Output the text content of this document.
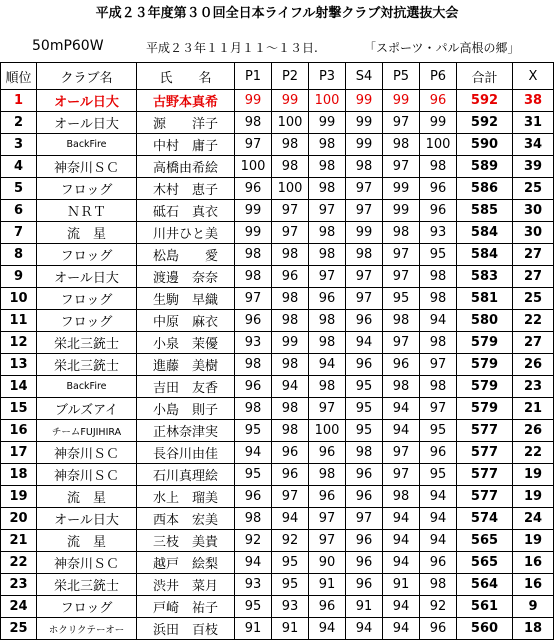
平成２３年度第３０回全日本ライフル射撃クラブ対抗選抜大会
50mP60W	平成２３年１１月１１～１３日.	「スポーツ・パル高根の郷」
順位	クラブ名	氏　　名	P1	P2	P3	S4	P5	P6	合計	X
1	オール日大	古野本真希	99	99	100	99	99	96	592	38
2	オール日大	源　　洋子	98	100	99	99	97	99	592	31
3	BackFire	中村　庸子	97	98	98	99	98	100	590	34
4	神奈川ＳＣ	高橋由希絵	100	98	98	98	97	98	589	39
5	フロッグ	木村　恵子	96	100	98	97	99	96	586	25
6	ＮＲＴ	砥石　真衣	99	97	97	97	99	96	585	30
7	流　星	川井ひと美	99	97	98	99	98	93	584	30
8	フロッグ	松島　　愛	98	98	98	98	97	95	584	27
9	オール日大	渡邊　奈奈	98	96	97	97	97	98	583	27
10	フロッグ	生駒　早織	97	98	96	97	95	98	581	25
11	フロッグ	中原　麻衣	96	98	98	96	98	94	580	22
12	栄北三銃士	小泉　茉優	93	99	98	94	97	98	579	27
13	栄北三銃士	進藤　美樹	98	98	94	96	96	97	579	26
14	BackFire	吉田　友香	96	94	98	95	98	98	579	23
15	ブルズアイ	小島　則子	98	98	97	95	94	97	579	21
16	チームFUJIHIRA	正林奈津実	95	98	100	95	94	95	577	26
17	神奈川ＳＣ	長谷川由佳	94	96	96	98	97	96	577	22
18	神奈川ＳＣ	石川真理絵	95	96	98	96	97	95	577	19
19	流　星	水上　瑠美	96	97	96	96	98	94	577	19
20	オール日大	西本　宏美	98	94	97	97	94	94	574	24
21	流　星	三枝　美貴	92	92	97	96	94	94	565	19
22	神奈川ＳＣ	越戸　絵梨	94	95	90	96	94	96	565	16
23	栄北三銃士	渋井　菜月	93	95	91	96	91	98	564	16
24	フロッグ	戸崎　祐子	95	93	96	91	94	92	561	9
25	ホクリクテーオー	浜田　百枝	91	91	94	94	94	96	560	18
